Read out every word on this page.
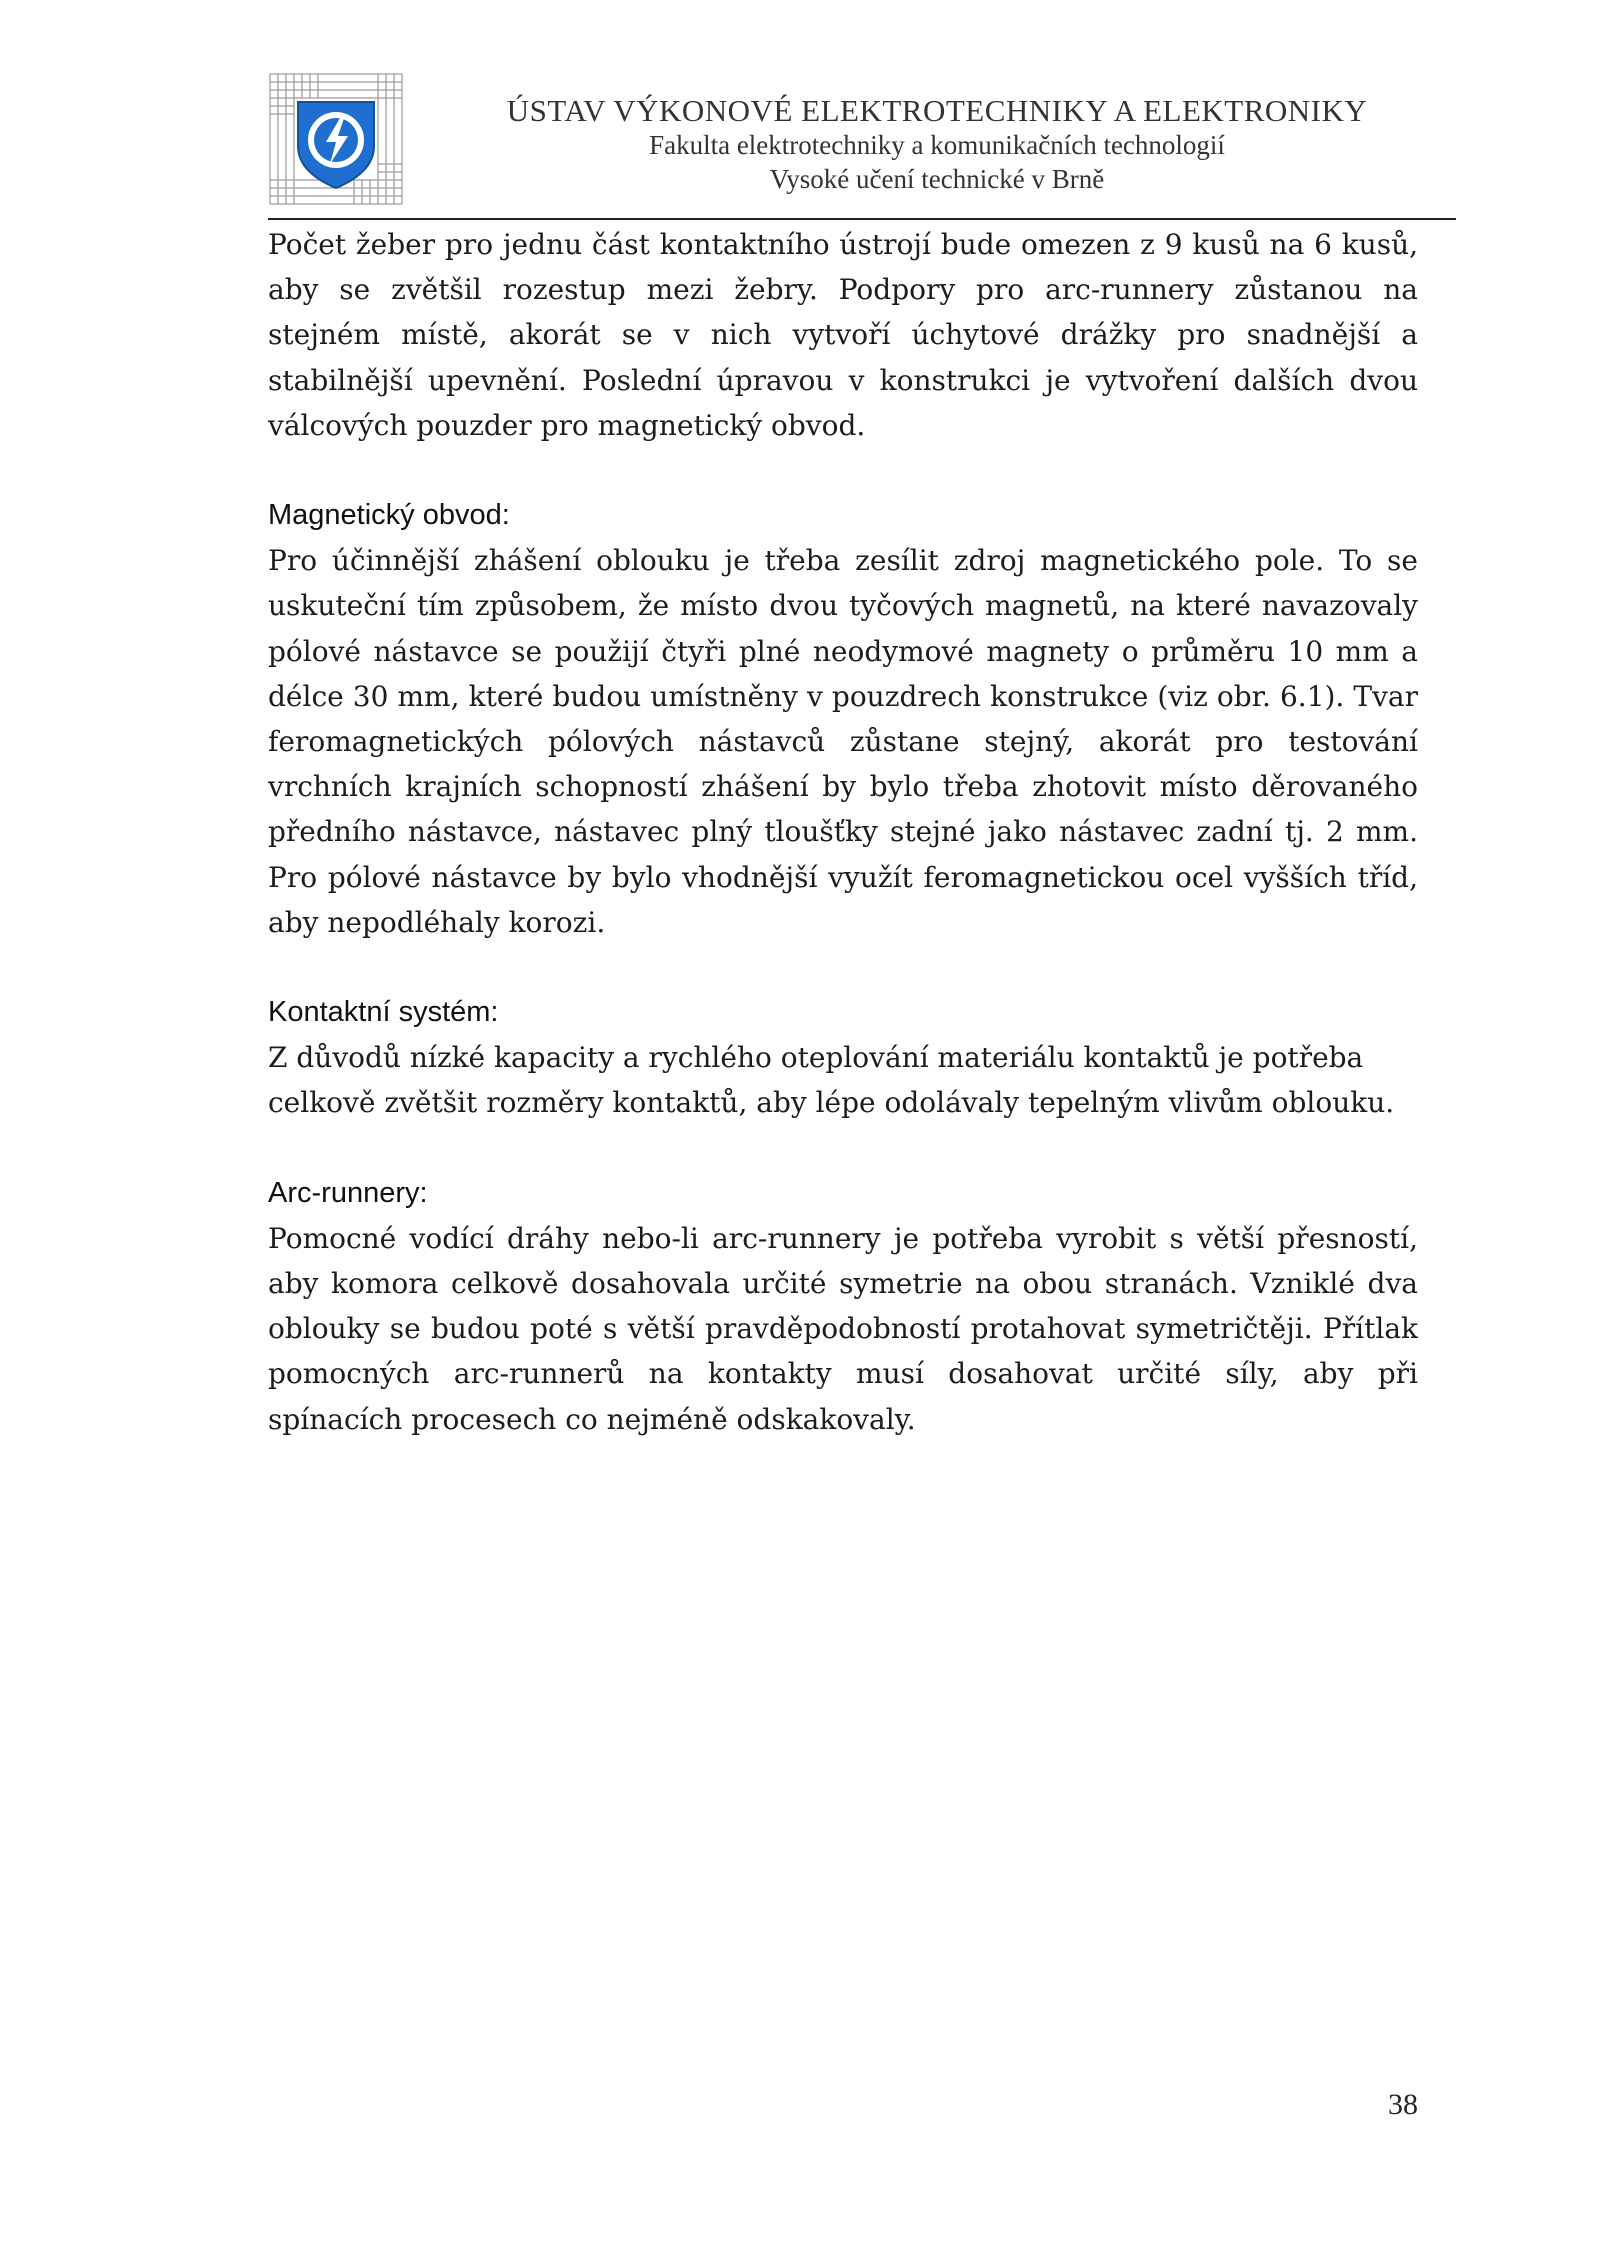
ÚSTAV VÝKONOVÉ ELEKTROTECHNIKY A ELEKTRONIKY
Fakulta elektrotechniky a komunikačních technologií
Vysoké učení technické v Brně

Počet žeber pro jednu část kontaktního ústrojí bude omezen z 9 kusů na 6 kusů, aby se zvětšil rozestup mezi žebry. Podpory pro arc-runnery zůstanou na stejném místě, akorát se v nich vytvoří úchytové drážky pro snadnější a stabilnější upevnění. Poslední úpravou v konstrukci je vytvoření dalších dvou válcových pouzder pro magnetický obvod.

Magnetický obvod:

Pro účinnější zhášení oblouku je třeba zesílit zdroj magnetického pole. To se uskuteční tím způsobem, že místo dvou tyčových magnetů, na které navazovaly pólové nástavce se použijí čtyři plné neodymové magnety o průměru 10 mm a délce 30 mm, které budou umístněny v pouzdrech konstrukce (viz obr. 6.1). Tvar feromagnetických pólových nástavců zůstane stejný, akorát pro testování vrchních krajních schopností zhášení by bylo třeba zhotovit místo děrovaného předního nástavce, nástavec plný tloušťky stejné jako nástavec zadní tj. 2 mm. Pro pólové nástavce by bylo vhodnější využít feromagnetickou ocel vyšších tříd, aby nepodléhaly korozi.

Kontaktní systém:

Z důvodů nízké kapacity a rychlého oteplování materiálu kontaktů je potřeba celkově zvětšit rozměry kontaktů, aby lépe odolávaly tepelným vlivům oblouku.

Arc-runnery:

Pomocné vodící dráhy nebo-li arc-runnery je potřeba vyrobit s větší přesností, aby komora celkově dosahovala určité symetrie na obou stranách. Vzniklé dva oblouky se budou poté s větší pravděpodobností protahovat symetričtěji. Přítlak pomocných arc-runnerů na kontakty musí dosahovat určité síly, aby při spínacích procesech co nejméně odskakovaly.

38
